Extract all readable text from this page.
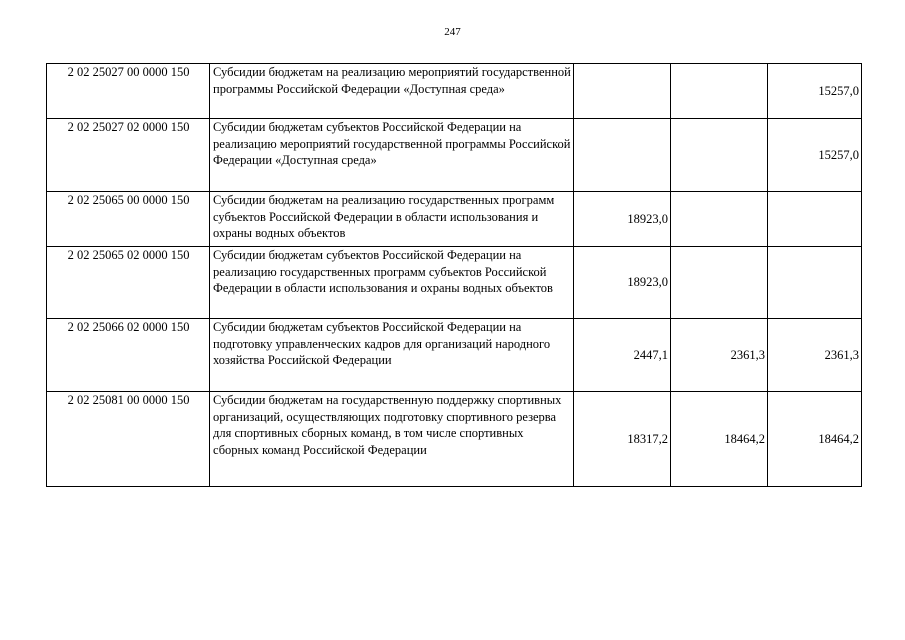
247
2 02 25027 00 0000 150	Субсидии бюджетам на реализацию мероприятий государственной программы Российской Федерации «Доступная среда»			15257,0
2 02 25027 02 0000 150	Субсидии бюджетам субъектов Российской Федерации на реализацию мероприятий государственной программы Российской Федерации «Доступная среда»			15257,0
2 02 25065 00 0000 150	Субсидии бюджетам на реализацию государственных программ субъектов Российской Федерации в области использования и охраны водных объектов	18923,0		
2 02 25065 02 0000 150	Субсидии бюджетам субъектов Российской Федерации на реализацию государственных программ субъектов Российской Федерации в области использования и охраны водных объектов	18923,0		
2 02 25066 02 0000 150	Субсидии бюджетам субъектов Российской Федерации на подготовку управленческих кадров для организаций народного хозяйства Российской Федерации	2447,1	2361,3	2361,3
2 02 25081 00 0000 150	Субсидии бюджетам на государственную поддержку спортивных организаций, осуществляющих подготовку спортивного резерва для спортивных сборных команд, в том числе спортивных сборных команд Российской Федерации	18317,2	18464,2	18464,2
